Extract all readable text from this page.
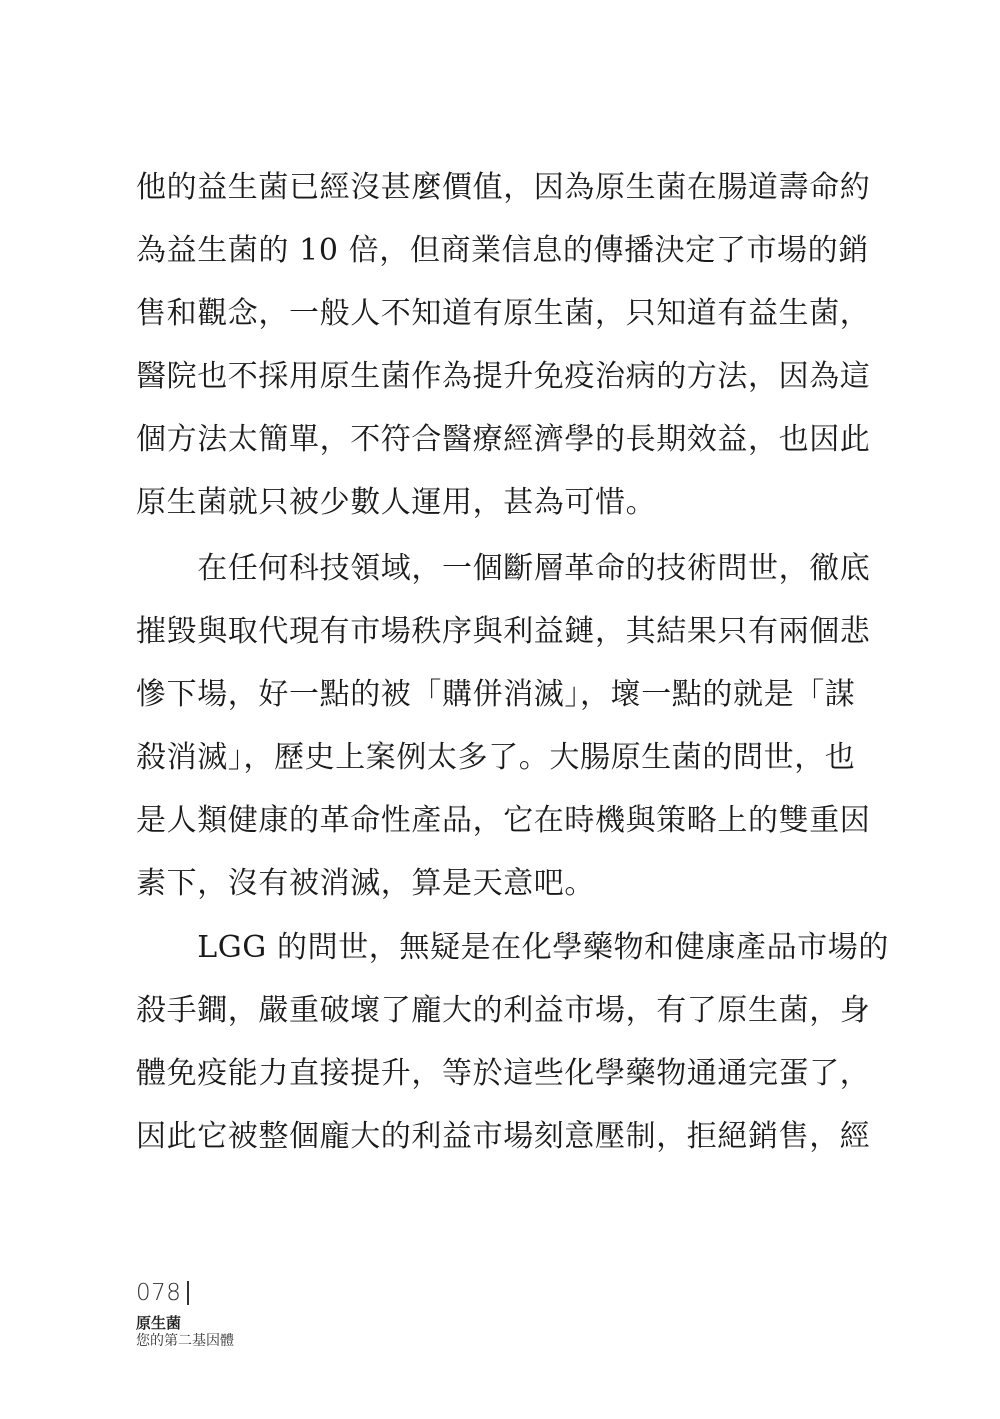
他的益生菌已經沒甚麼價值，因為原生菌在腸道壽命約
為益生菌的 10 倍，但商業信息的傳播決定了市場的銷
售和觀念，一般人不知道有原生菌，只知道有益生菌，
醫院也不採用原生菌作為提升免疫治病的方法，因為這
個方法太簡單，不符合醫療經濟學的長期效益，也因此
原生菌就只被少數人運用，甚為可惜。
　　在任何科技領域，一個斷層革命的技術問世，徹底
摧毀與取代現有市場秩序與利益鏈，其結果只有兩個悲
慘下場，好一點的被「購併消滅」，壞一點的就是「謀
殺消滅」，歷史上案例太多了。大腸原生菌的問世，也
是人類健康的革命性產品，它在時機與策略上的雙重因
素下，沒有被消滅，算是天意吧。
　　LGG 的問世，無疑是在化學藥物和健康產品市場的
殺手鐧，嚴重破壞了龐大的利益市場，有了原生菌，身
體免疫能力直接提升，等於這些化學藥物通通完蛋了，
因此它被整個龐大的利益市場刻意壓制，拒絕銷售，經
078
原生菌
您的第二基因體
